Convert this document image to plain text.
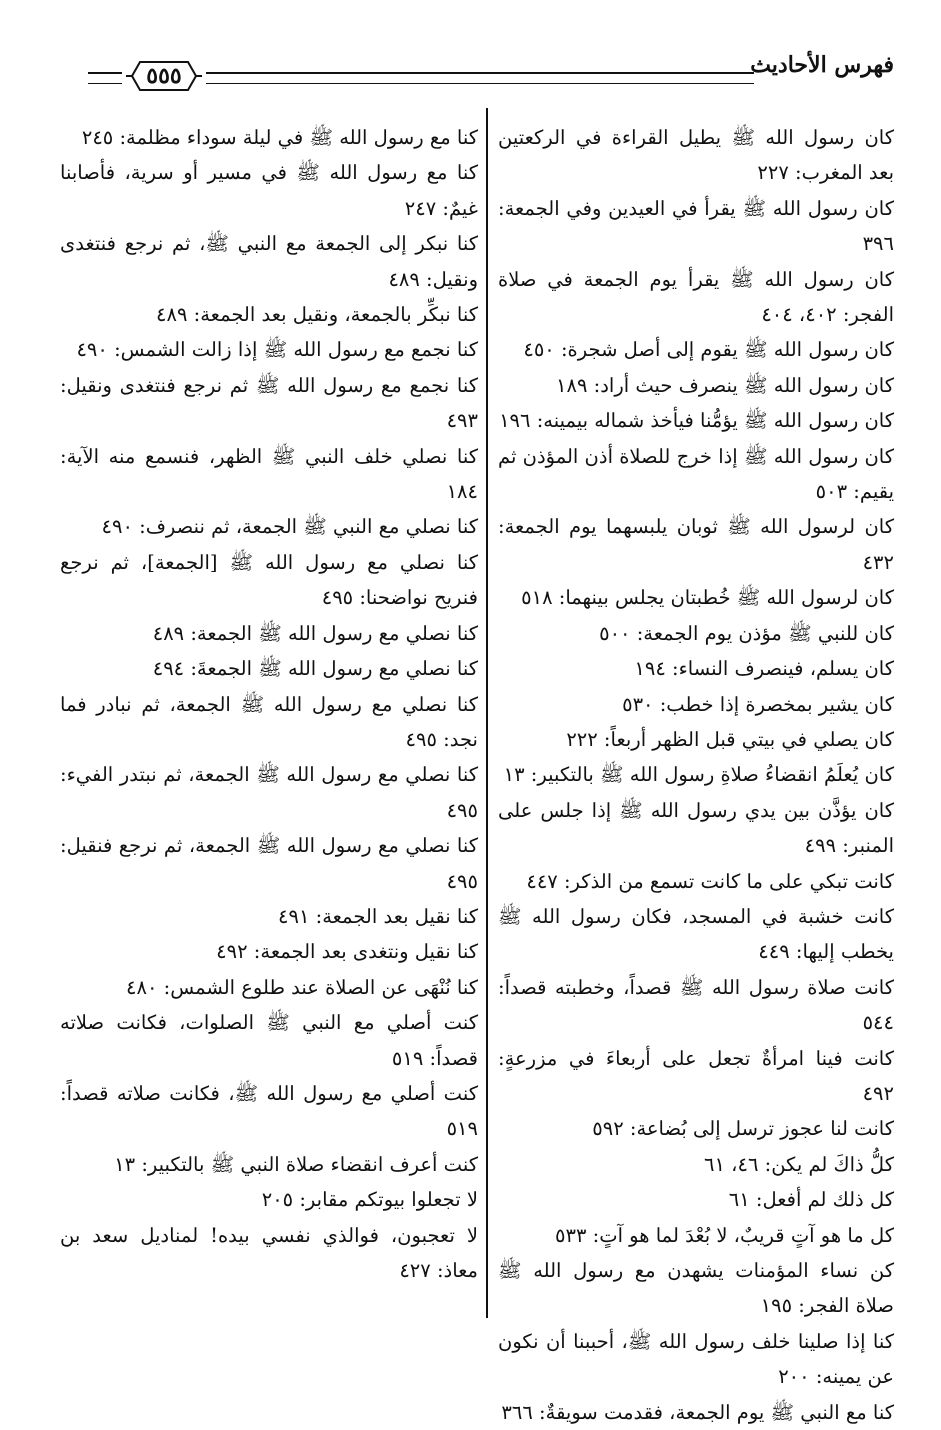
فهرس الأحاديث
٥٥٥

كان رسول الله ﷺ يطيل القراءة في الركعتين بعد المغرب: ٢٢٧

كان رسول الله ﷺ يقرأ في العيدين وفي الجمعة: ٣٩٦

كان رسول الله ﷺ يقرأ يوم الجمعة في صلاة الفجر: ٤٠٢، ٤٠٤

كان رسول الله ﷺ يقوم إلى أصل شجرة: ٤٥٠

كان رسول الله ﷺ ينصرف حيث أراد: ١٨٩

كان رسول الله ﷺ يؤمُّنا فيأخذ شماله بيمينه: ١٩٦

كان رسول الله ﷺ إذا خرج للصلاة أذن المؤذن ثم يقيم: ٥٠٣

كان لرسول الله ﷺ ثوبان يلبسهما يوم الجمعة: ٤٣٢

كان لرسول الله ﷺ خُطبتان يجلس بينهما: ٥١٨

كان للنبي ﷺ مؤذن يوم الجمعة: ٥٠٠

كان يسلم، فينصرف النساء: ١٩٤

كان يشير بمخصرة إذا خطب: ٥٣٠

كان يصلي في بيتي قبل الظهر أربعاً: ٢٢٢

كان يُعلَمُ انقضاءُ صلاةِ رسول الله ﷺ بالتكبير: ١٣

كان يؤذَّن بين يدي رسول الله ﷺ إذا جلس على المنبر: ٤٩٩

كانت تبكي على ما كانت تسمع من الذكر: ٤٤٧

كانت خشبة في المسجد، فكان رسول الله ﷺ يخطب إليها: ٤٤٩

كانت صلاة رسول الله ﷺ قصداً، وخطبته قصداً: ٥٤٤

كانت فينا امرأةٌ تجعل على أربعاءَ في مزرعةٍ: ٤٩٢

كانت لنا عجوز ترسل إلى بُضاعة: ٥٩٢

كلُّ ذاكَ لم يكن: ٤٦، ٦١

كل ذلك لم أفعل: ٦١

كل ما هو آتٍ قريبٌ، لا بُعْدَ لما هو آتٍ: ٥٣٣

كن نساء المؤمنات يشهدن مع رسول الله ﷺ صلاة الفجر: ١٩٥

كنا إذا صلينا خلف رسول الله ﷺ، أحببنا أن نكون عن يمينه: ٢٠٠

كنا مع النبي ﷺ يوم الجمعة، فقدمت سويقةٌ: ٣٦٦

كنا مع رسول الله ﷺ في ليلة سوداء مظلمة: ٢٤٥

كنا مع رسول الله ﷺ في مسير أو سرية، فأصابنا غيمٌ: ٢٤٧

كنا نبكر إلى الجمعة مع النبي ﷺ، ثم نرجع فنتغدى ونقيل: ٤٨٩

كنا نبكِّر بالجمعة، ونقيل بعد الجمعة: ٤٨٩

كنا نجمع مع رسول الله ﷺ إذا زالت الشمس: ٤٩٠

كنا نجمع مع رسول الله ﷺ ثم نرجع فنتغدى ونقيل: ٤٩٣

كنا نصلي خلف النبي ﷺ الظهر، فنسمع منه الآية: ١٨٤

كنا نصلي مع النبي ﷺ الجمعة، ثم ننصرف: ٤٩٠

كنا نصلي مع رسول الله ﷺ [الجمعة]، ثم نرجع فنريح نواضحنا: ٤٩٥

كنا نصلي مع رسول الله ﷺ الجمعة: ٤٨٩

كنا نصلي مع رسول الله ﷺ الجمعةَ: ٤٩٤

كنا نصلي مع رسول الله ﷺ الجمعة، ثم نبادر فما نجد: ٤٩٥

كنا نصلي مع رسول الله ﷺ الجمعة، ثم نبتدر الفيء: ٤٩٥

كنا نصلي مع رسول الله ﷺ الجمعة، ثم نرجع فنقيل: ٤٩٥

كنا نقيل بعد الجمعة: ٤٩١

كنا نقيل ونتغدى بعد الجمعة: ٤٩٢

كنا نُنْهَى عن الصلاة عند طلوع الشمس: ٤٨٠

كنت أصلي مع النبي ﷺ الصلوات، فكانت صلاته قصداً: ٥١٩

كنت أصلي مع رسول الله ﷺ، فكانت صلاته قصداً: ٥١٩

كنت أعرف انقضاء صلاة النبي ﷺ بالتكبير: ١٣

لا تجعلوا بيوتكم مقابر: ٢٠٥

لا تعجبون، فوالذي نفسي بيده! لمناديل سعد بن معاذ: ٤٢٧
